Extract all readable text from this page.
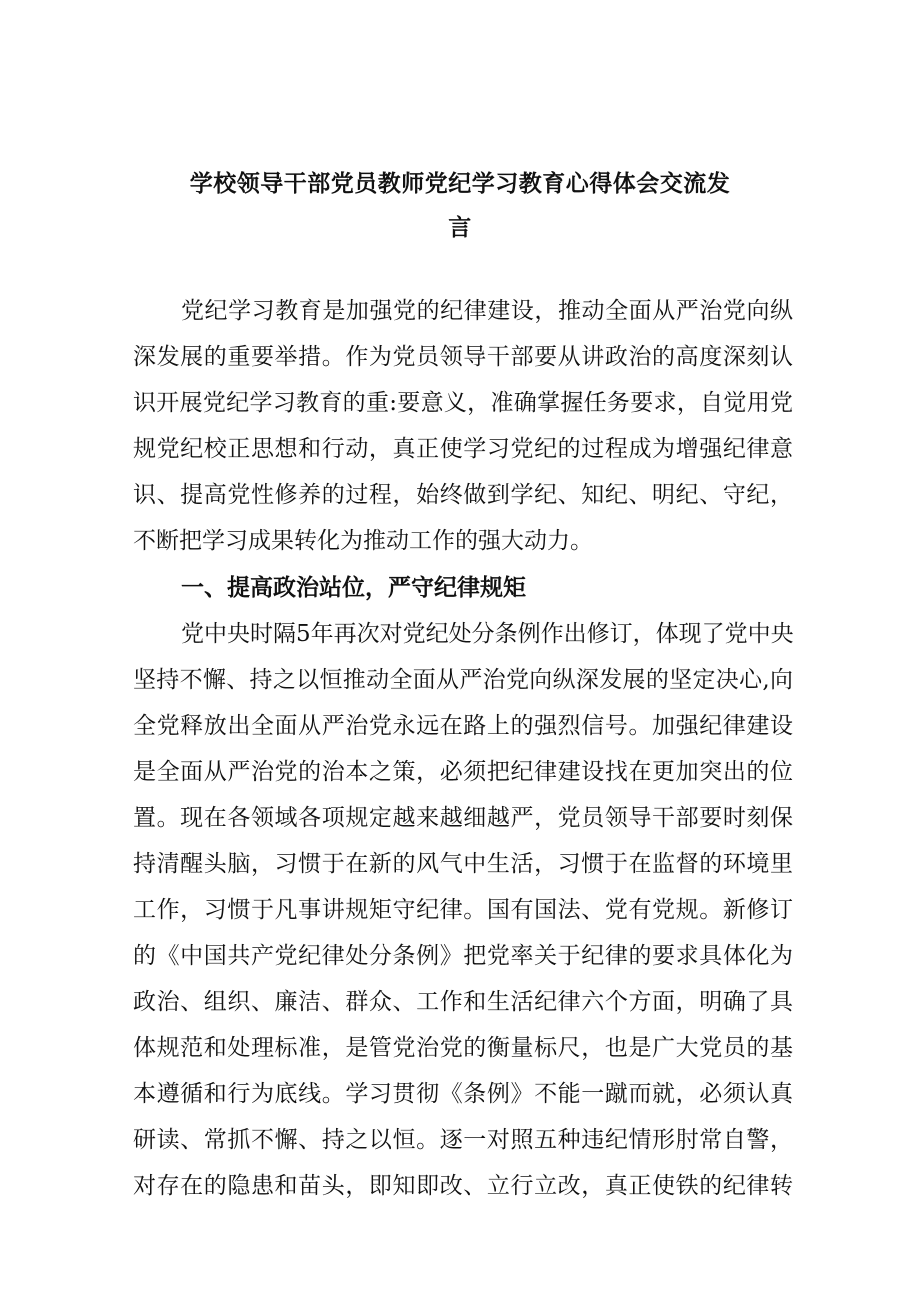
学校领导干部党员教师党纪学习教育心得体会交流发
言
党纪学习教育是加强党的纪律建设，推动全面从严治党向纵
深发展的重要举措。作为党员领导干部要从讲政治的高度深刻认
识开展党纪学习教育的重:要意义，准确掌握任务要求，自觉用党
规党纪校正思想和行动，真正使学习党纪的过程成为增强纪律意
识、提高党性修养的过程，始终做到学纪、知纪、明纪、守纪，
不断把学习成果转化为推动工作的强大动力。
一、提高政治站位，严守纪律规矩
党中央时隔5年再次对党纪处分条例作出修订，体现了党中央
坚持不懈、持之以恒推动全面从严治党向纵深发展的坚定决心,向
全党释放出全面从严治党永远在路上的强烈信号。加强纪律建设
是全面从严治党的治本之策，必须把纪律建设找在更加突出的位
置。现在各领域各项规定越来越细越严，党员领导干部要时刻保
持清醒头脑，习惯于在新的风气中生活，习惯于在监督的环境里
工作，习惯于凡事讲规矩守纪律。国有国法、党有党规。新修订
的《中国共产党纪律处分条例》把党率关于纪律的要求具体化为
政治、组织、廉洁、群众、工作和生活纪律六个方面，明确了具
体规范和处理标准，是管党治党的衡量标尺，也是广大党员的基
本遵循和行为底线。学习贯彻《条例》不能一蹴而就，必须认真
研读、常抓不懈、持之以恒。逐一对照五种违纪情形肘常自警，
对存在的隐患和苗头，即知即改、立行立改，真正使铁的纪律转
